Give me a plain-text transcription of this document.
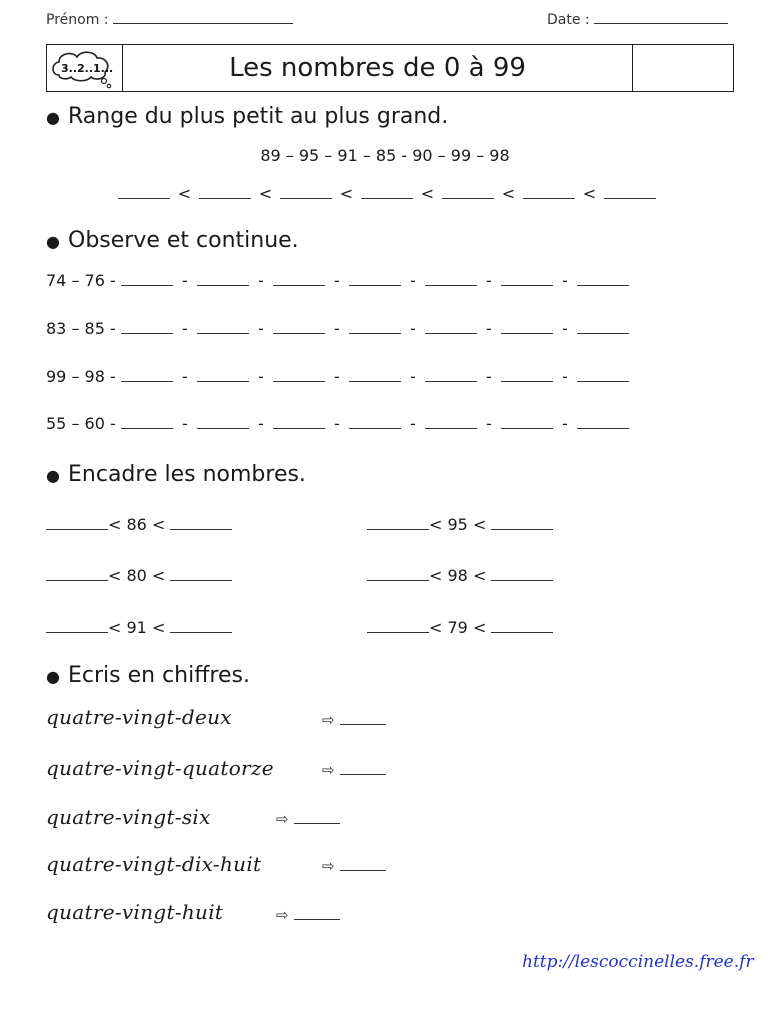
Prénom :	Date :
3..2..1...	Les nombres de 0 à 99
● Range du plus petit au plus grand.
89 – 95 – 91 – 85 - 90 – 99 – 98
<	<	<	<	<	<
● Observe et continue.
74 – 76 -	-	-	-	-	-	-
83 – 85 -	-	-	-	-	-	-
99 – 98 -	-	-	-	-	-	-
55 – 60 -	-	-	-	-	-	-
● Encadre les nombres.
< 86 <	< 95 <
< 80 <	< 98 <
< 91 <	< 79 <
● Ecris en chiffres.
quatre-vingt-deux	⇨
quatre-vingt-quatorze	⇨
quatre-vingt-six	⇨
quatre-vingt-dix-huit	⇨
quatre-vingt-huit	⇨
http://lescoccinelles.free.fr
